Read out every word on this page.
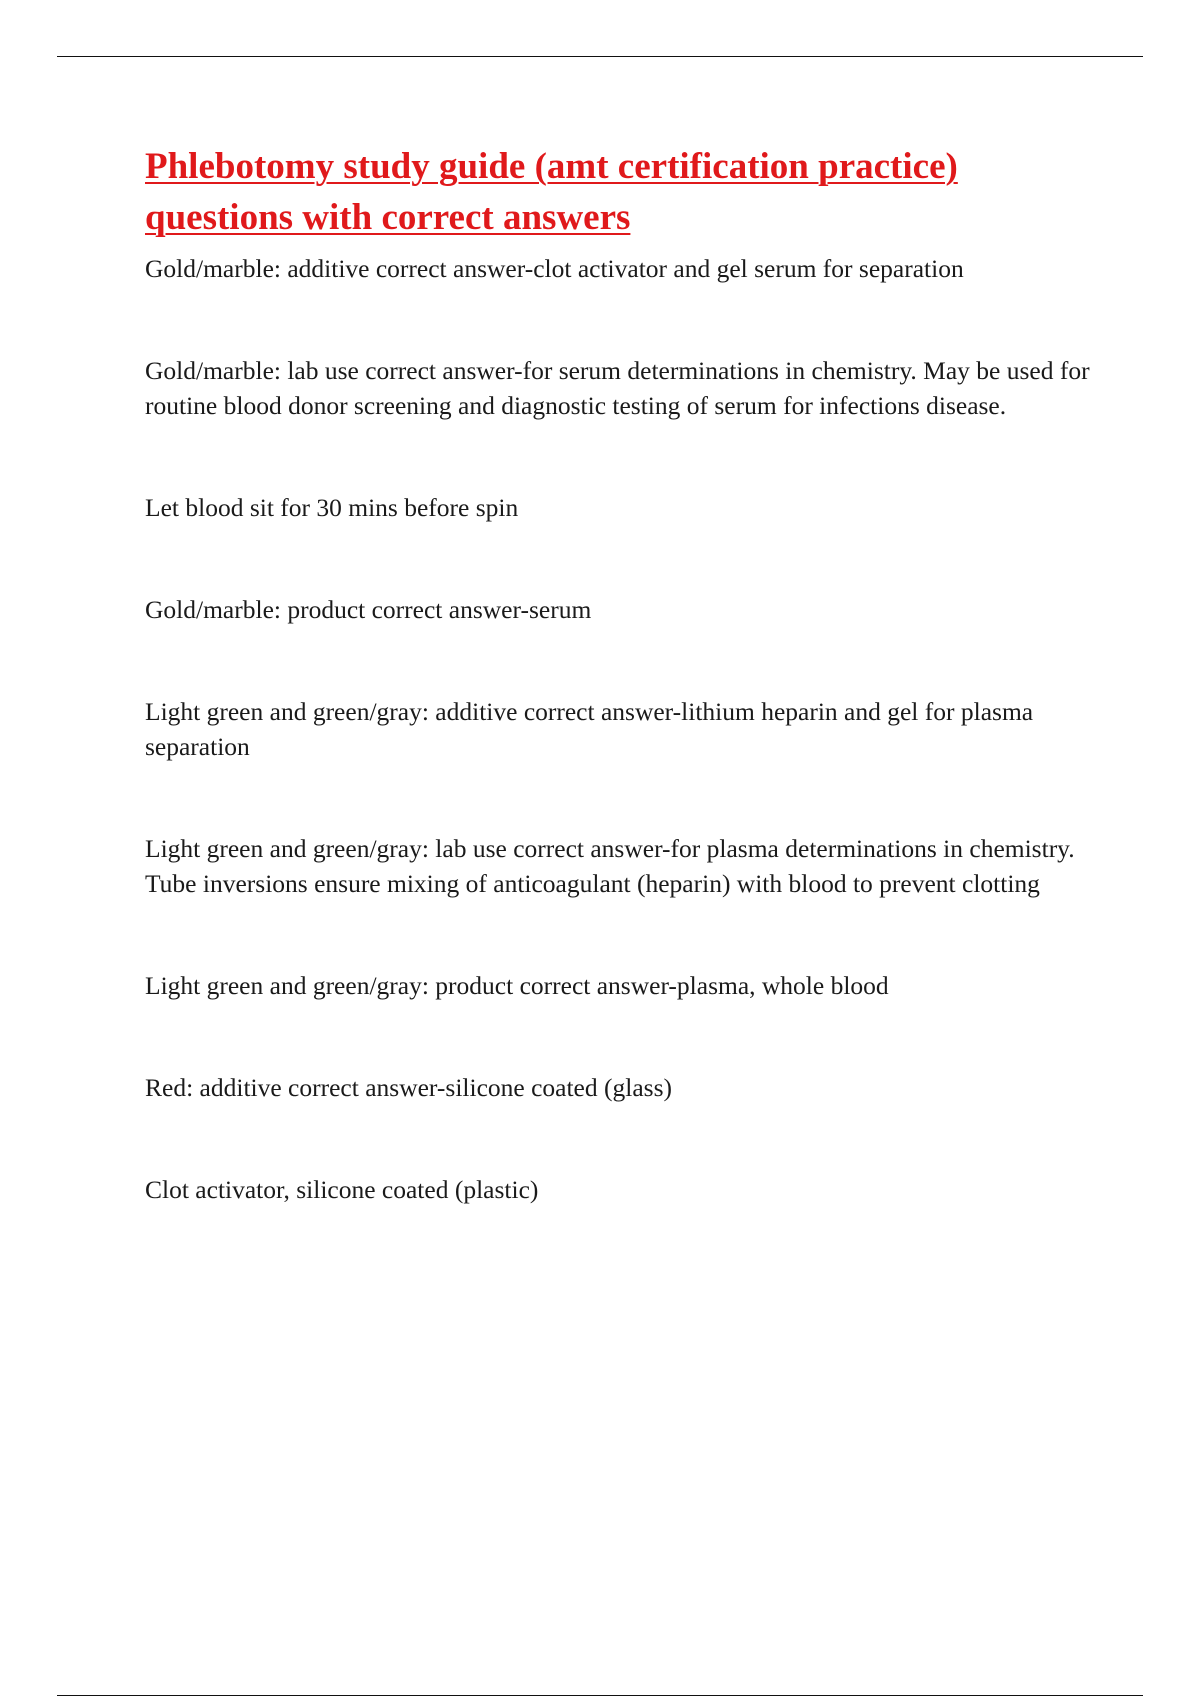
Phlebotomy study guide (amt certification practice) questions with correct answers
Gold/marble: additive correct answer-clot activator and gel serum for separation
Gold/marble: lab use correct answer-for serum determinations in chemistry. May be used for routine blood donor screening and diagnostic testing of serum for infections disease.
Let blood sit for 30 mins before spin
Gold/marble: product correct answer-serum
Light green and green/gray: additive correct answer-lithium heparin and gel for plasma separation
Light green and green/gray: lab use correct answer-for plasma determinations in chemistry. Tube inversions ensure mixing of anticoagulant (heparin) with blood to prevent clotting
Light green and green/gray: product correct answer-plasma, whole blood
Red: additive correct answer-silicone coated (glass)
Clot activator, silicone coated (plastic)
